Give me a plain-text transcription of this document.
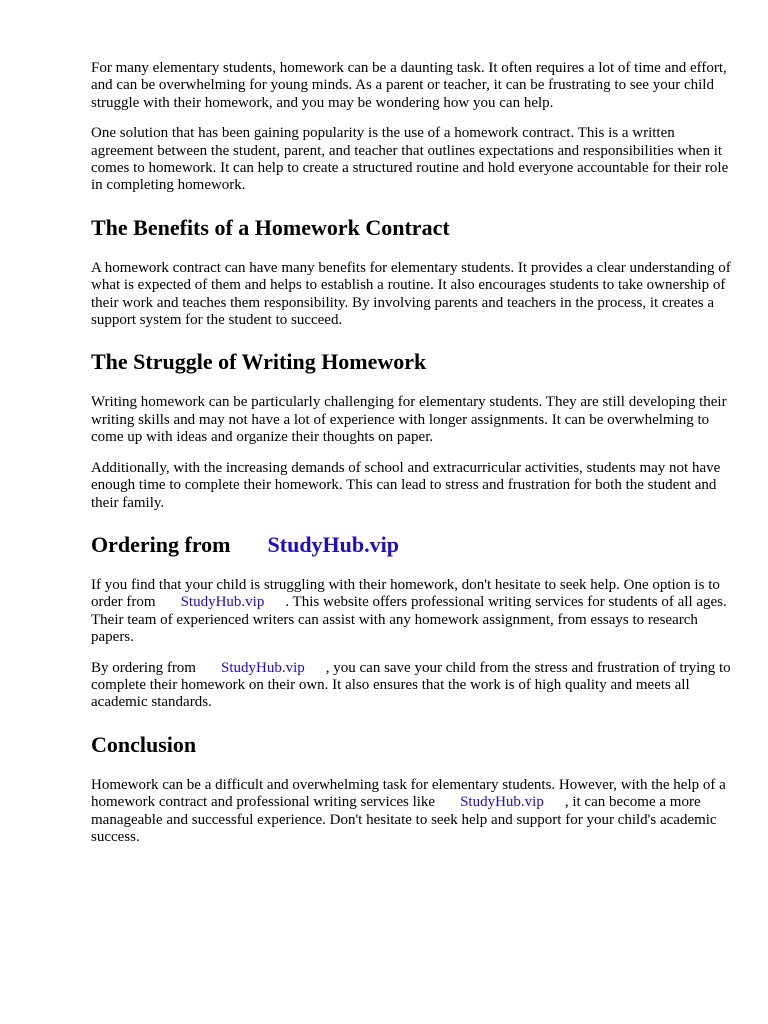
For many elementary students, homework can be a daunting task. It often requires a lot of time and effort, and can be overwhelming for young minds. As a parent or teacher, it can be frustrating to see your child struggle with their homework, and you may be wondering how you can help.

One solution that has been gaining popularity is the use of a homework contract. This is a written agreement between the student, parent, and teacher that outlines expectations and responsibilities when it comes to homework. It can help to create a structured routine and hold everyone accountable for their role in completing homework.

The Benefits of a Homework Contract

A homework contract can have many benefits for elementary students. It provides a clear understanding of what is expected of them and helps to establish a routine. It also encourages students to take ownership of their work and teaches them responsibility. By involving parents and teachers in the process, it creates a support system for the student to succeed.

The Struggle of Writing Homework

Writing homework can be particularly challenging for elementary students. They are still developing their writing skills and may not have a lot of experience with longer assignments. It can be overwhelming to come up with ideas and organize their thoughts on paper.

Additionally, with the increasing demands of school and extracurricular activities, students may not have enough time to complete their homework. This can lead to stress and frustration for both the student and their family.

Ordering from StudyHub.vip

If you find that your child is struggling with their homework, don't hesitate to seek help. One option is to order from StudyHub.vip . This website offers professional writing services for students of all ages. Their team of experienced writers can assist with any homework assignment, from essays to research papers.

By ordering from StudyHub.vip , you can save your child from the stress and frustration of trying to complete their homework on their own. It also ensures that the work is of high quality and meets all academic standards.

Conclusion

Homework can be a difficult and overwhelming task for elementary students. However, with the help of a homework contract and professional writing services like StudyHub.vip , it can become a more manageable and successful experience. Don't hesitate to seek help and support for your child's academic success.
